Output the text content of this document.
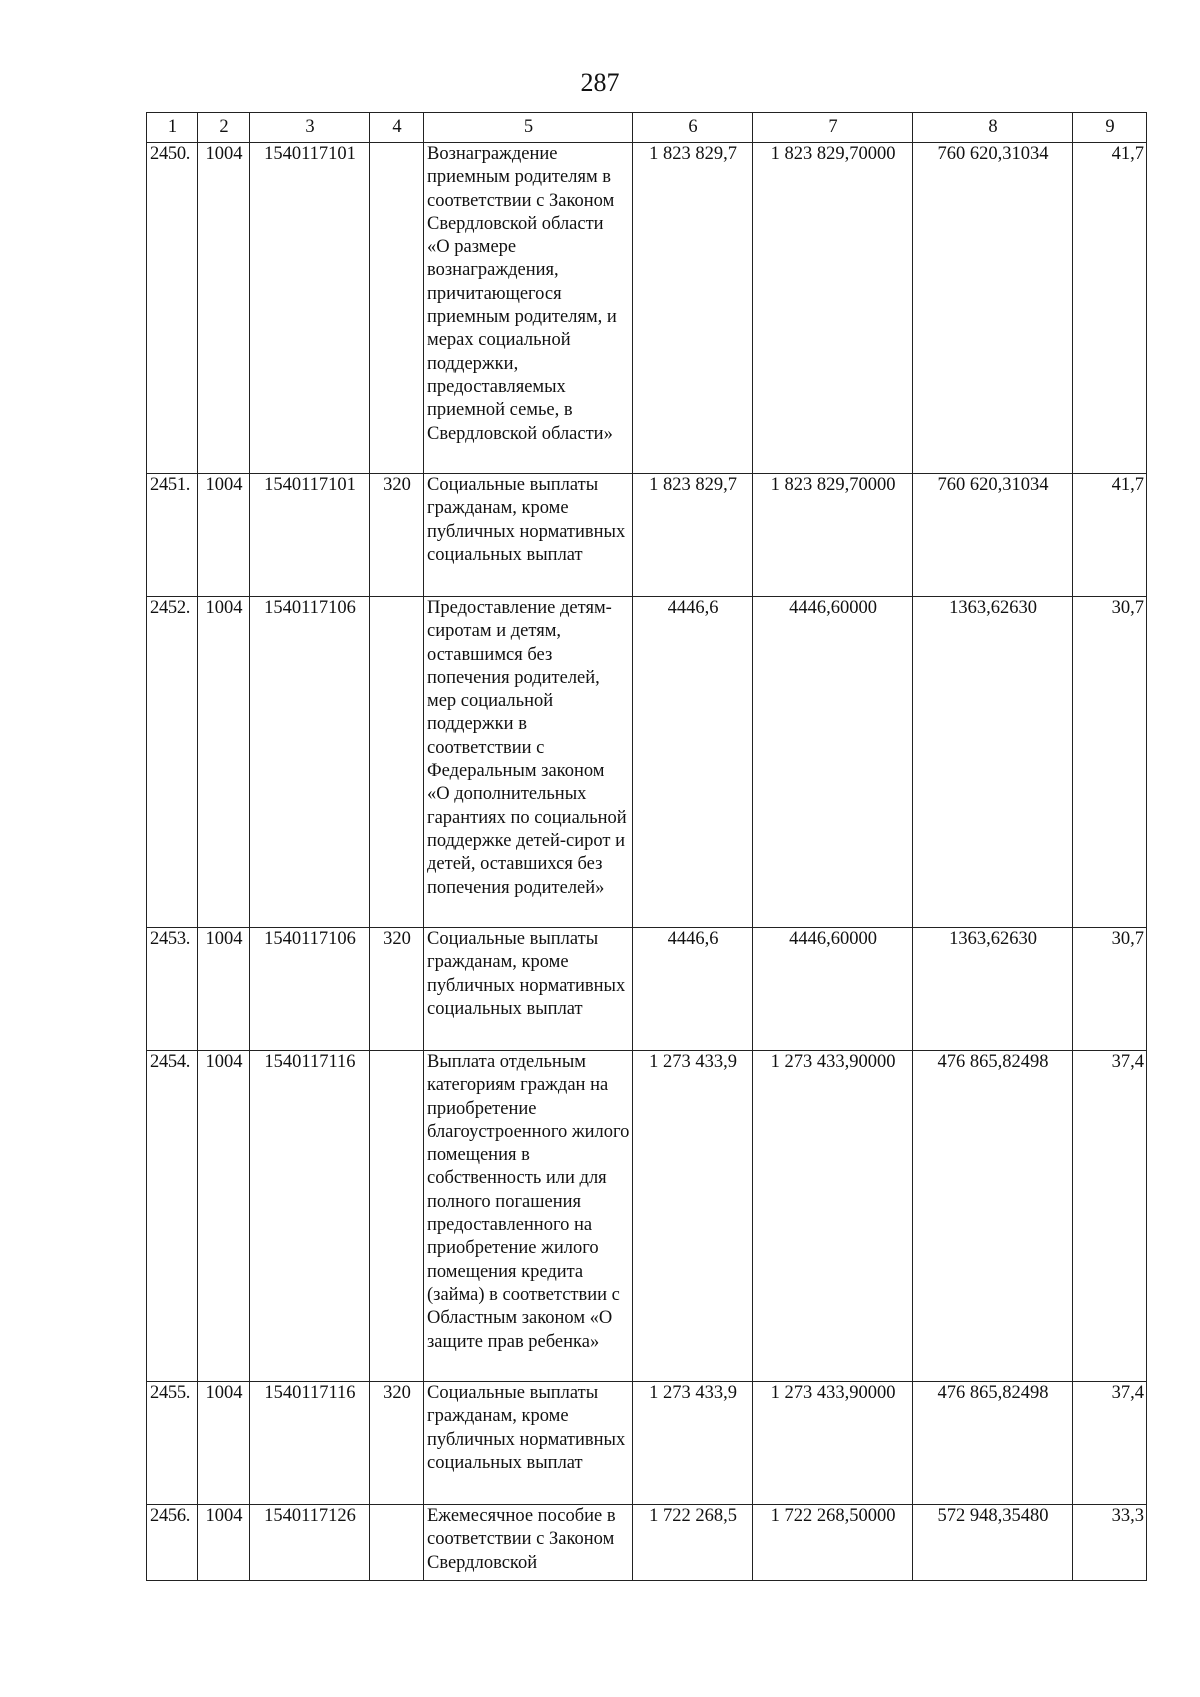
287
1	2	3	4	5	6	7	8	9
2450.	1004	1540117101		Вознаграждение приемным родителям в соответствии с Законом Свердловской области «О размере вознаграждения, причитающегося приемным родителям, и мерах социальной поддержки, предоставляемых приемной семье, в Свердловской области»	1 823 829,7	1 823 829,70000	760 620,31034	41,7
2451.	1004	1540117101	320	Социальные выплаты гражданам, кроме публичных нормативных социальных выплат	1 823 829,7	1 823 829,70000	760 620,31034	41,7
2452.	1004	1540117106		Предоставление детям-сиротам и детям, оставшимся без попечения родителей, мер социальной поддержки в соответствии с Федеральным законом «О дополнительных гарантиях по социальной поддержке детей-сирот и детей, оставшихся без попечения родителей»	4446,6	4446,60000	1363,62630	30,7
2453.	1004	1540117106	320	Социальные выплаты гражданам, кроме публичных нормативных социальных выплат	4446,6	4446,60000	1363,62630	30,7
2454.	1004	1540117116		Выплата отдельным категориям граждан на приобретение благоустроенного жилого помещения в собственность или для полного погашения предоставленного на приобретение жилого помещения кредита (займа) в соответствии с Областным законом «О защите прав ребенка»	1 273 433,9	1 273 433,90000	476 865,82498	37,4
2455.	1004	1540117116	320	Социальные выплаты гражданам, кроме публичных нормативных социальных выплат	1 273 433,9	1 273 433,90000	476 865,82498	37,4
2456.	1004	1540117126		Ежемесячное пособие в соответствии с Законом Свердловской	1 722 268,5	1 722 268,50000	572 948,35480	33,3
